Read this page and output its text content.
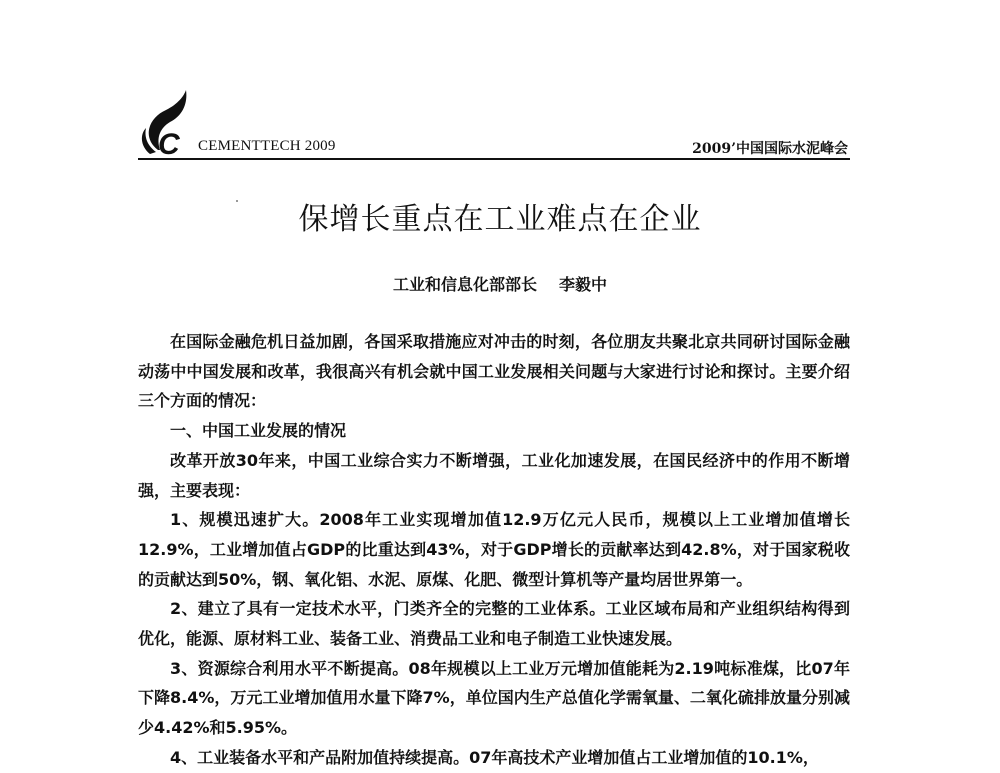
C CEMENTTECH 2009	2009’中国国际水泥峰会
保增长重点在工业难点在企业
工业和信息化部部长 李毅中

在国际金融危机日益加剧，各国采取措施应对冲击的时刻，各位朋友共聚北京共同研讨国际金融动荡中中国发展和改革，我很高兴有机会就中国工业发展相关问题与大家进行讨论和探讨。主要介绍三个方面的情况：

一、中国工业发展的情况

改革开放30年来，中国工业综合实力不断增强，工业化加速发展，在国民经济中的作用不断增强，主要表现：

1、规模迅速扩大。2008年工业实现增加值12.9万亿元人民币，规模以上工业增加值增长12.9%，工业增加值占GDP的比重达到43%，对于GDP增长的贡献率达到42.8%，对于国家税收的贡献达到50%，钢、氧化铝、水泥、原煤、化肥、微型计算机等产量均居世界第一。

2、建立了具有一定技术水平，门类齐全的完整的工业体系。工业区域布局和产业组织结构得到优化，能源、原材料工业、装备工业、消费品工业和电子制造工业快速发展。

3、资源综合利用水平不断提高。08年规模以上工业万元增加值能耗为2.19吨标准煤，比07年下降8.4%，万元工业增加值用水量下降7%，单位国内生产总值化学需氧量、二氧化硫排放量分别减少4.42%和5.95%。

4、工业装备水平和产品附加值持续提高。07年高技术产业增加值占工业增加值的10.1%，
